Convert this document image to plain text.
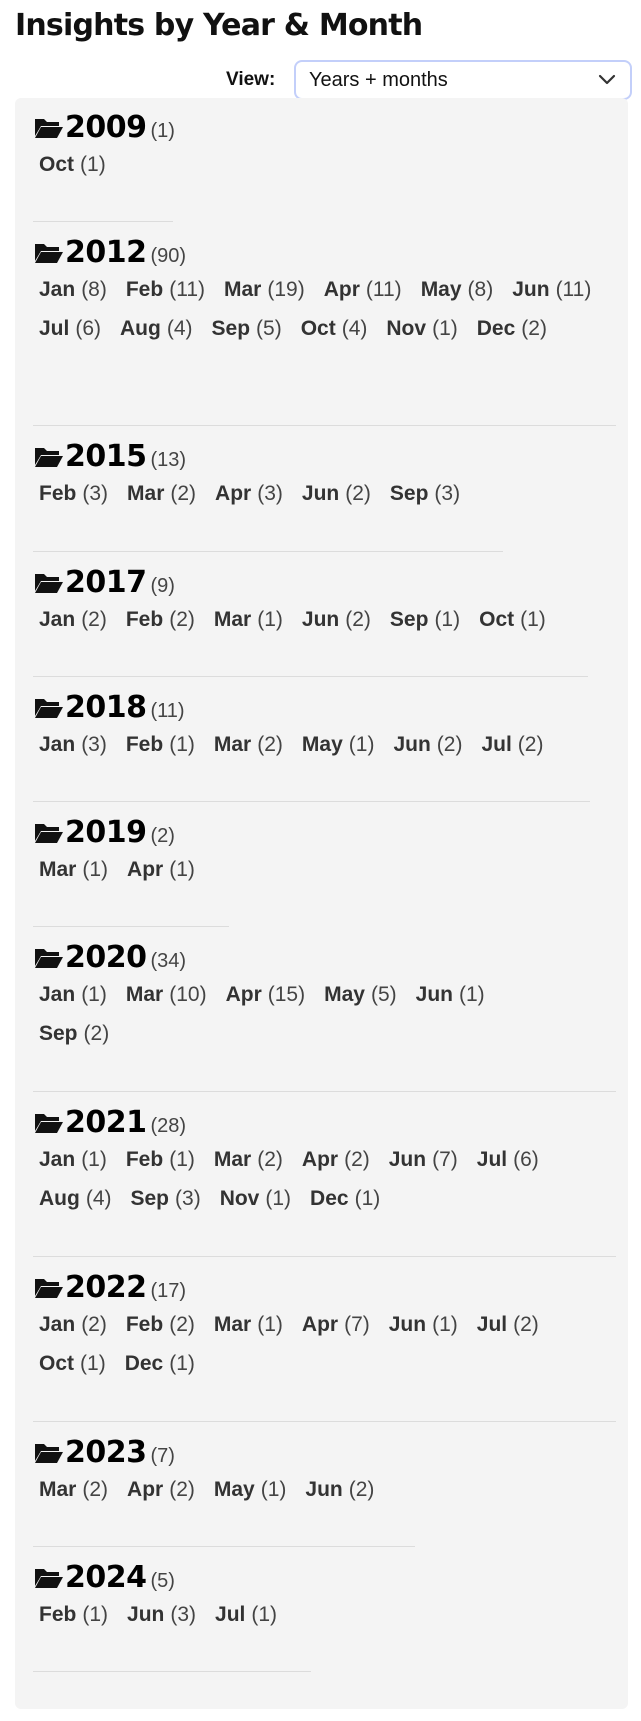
Insights by Year & Month
View:	Years + months
2009 (1)
Oct (1)
2012 (90)
Jan (8) Feb (11) Mar (19) Apr (11) May (8) Jun (11)
Jul (6) Aug (4) Sep (5) Oct (4) Nov (1) Dec (2)
2015 (13)
Feb (3) Mar (2) Apr (3) Jun (2) Sep (3)
2017 (9)
Jan (2) Feb (2) Mar (1) Jun (2) Sep (1) Oct (1)
2018 (11)
Jan (3) Feb (1) Mar (2) May (1) Jun (2) Jul (2)
2019 (2)
Mar (1) Apr (1)
2020 (34)
Jan (1) Mar (10) Apr (15) May (5) Jun (1)
Sep (2)
2021 (28)
Jan (1) Feb (1) Mar (2) Apr (2) Jun (7) Jul (6)
Aug (4) Sep (3) Nov (1) Dec (1)
2022 (17)
Jan (2) Feb (2) Mar (1) Apr (7) Jun (1) Jul (2)
Oct (1) Dec (1)
2023 (7)
Mar (2) Apr (2) May (1) Jun (2)
2024 (5)
Feb (1) Jun (3) Jul (1)
